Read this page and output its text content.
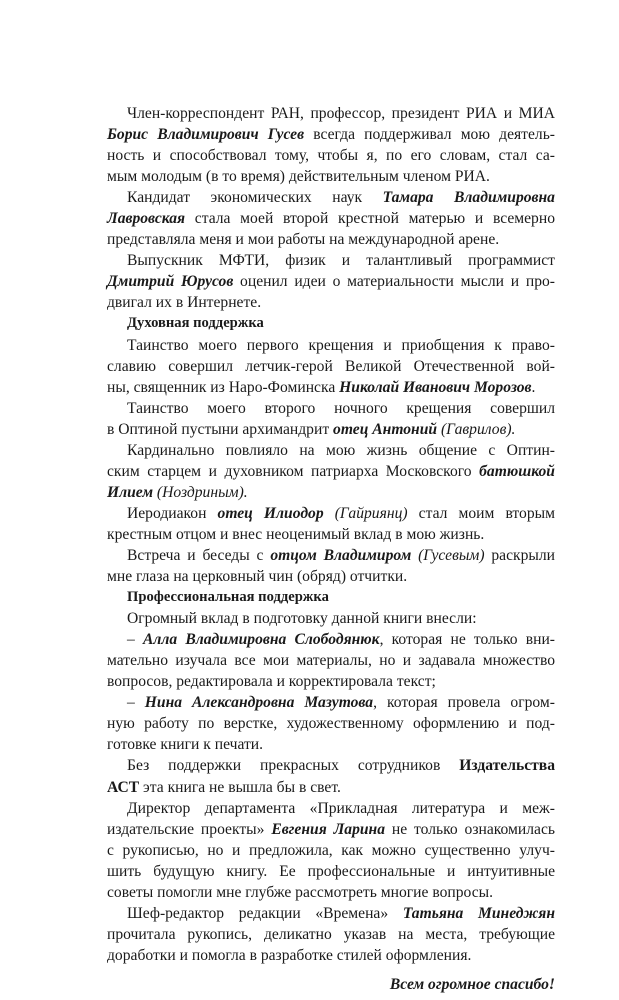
Член-корреспондент РАН, профессор, президент РИА и МИА
Борис Владимирович Гусев всегда поддерживал мою деятель-
ность и способствовал тому, чтобы я, по его словам, стал са-
мым молодым (в то время) действительным членом РИА.
Кандидат экономических наук Тамара Владимировна
Лавровская стала моей второй крестной матерью и всемерно
представляла меня и мои работы на международной арене.
Выпускник МФТИ, физик и талантливый программист
Дмитрий Юрусов оценил идеи о материальности мысли и про-
двигал их в Интернете.
Духовная поддержка
Таинство моего первого крещения и приобщения к право-
славию совершил летчик-герой Великой Отечественной вой-
ны, священник из Наро-Фоминска Николай Иванович Морозов.
Таинство моего второго ночного крещения совершил
в Оптиной пустыни архимандрит отец Антоний (Гаврилов).
Кардинально повлияло на мою жизнь общение с Оптин-
ским старцем и духовником патриарха Московского батюшкой
Илием (Ноздриным).
Иеродиакон отец Илиодор (Гайриянц) стал моим вторым
крестным отцом и внес неоценимый вклад в мою жизнь.
Встреча и беседы с отцом Владимиром (Гусевым) раскрыли
мне глаза на церковный чин (обряд) отчитки.
Профессиональная поддержка
Огромный вклад в подготовку данной книги внесли:
– Алла Владимировна Слободянюк, которая не только вни-
мательно изучала все мои материалы, но и задавала множество
вопросов, редактировала и корректировала текст;
– Нина Александровна Мазутова, которая провела огром-
ную работу по верстке, художественному оформлению и под-
готовке книги к печати.
Без поддержки прекрасных сотрудников Издательства
АСТ эта книга не вышла бы в свет.
Директор департамента «Прикладная литература и меж-
издательские проекты» Евгения Ларина не только ознакомилась
с рукописью, но и предложила, как можно существенно улуч-
шить будущую книгу. Ее профессиональные и интуитивные
советы помогли мне глубже рассмотреть многие вопросы.
Шеф-редактор редакции «Времена» Татьяна Минеджян
прочитала рукопись, деликатно указав на места, требующие
доработки и помогла в разработке стилей оформления.
Всем огромное спасибо!
